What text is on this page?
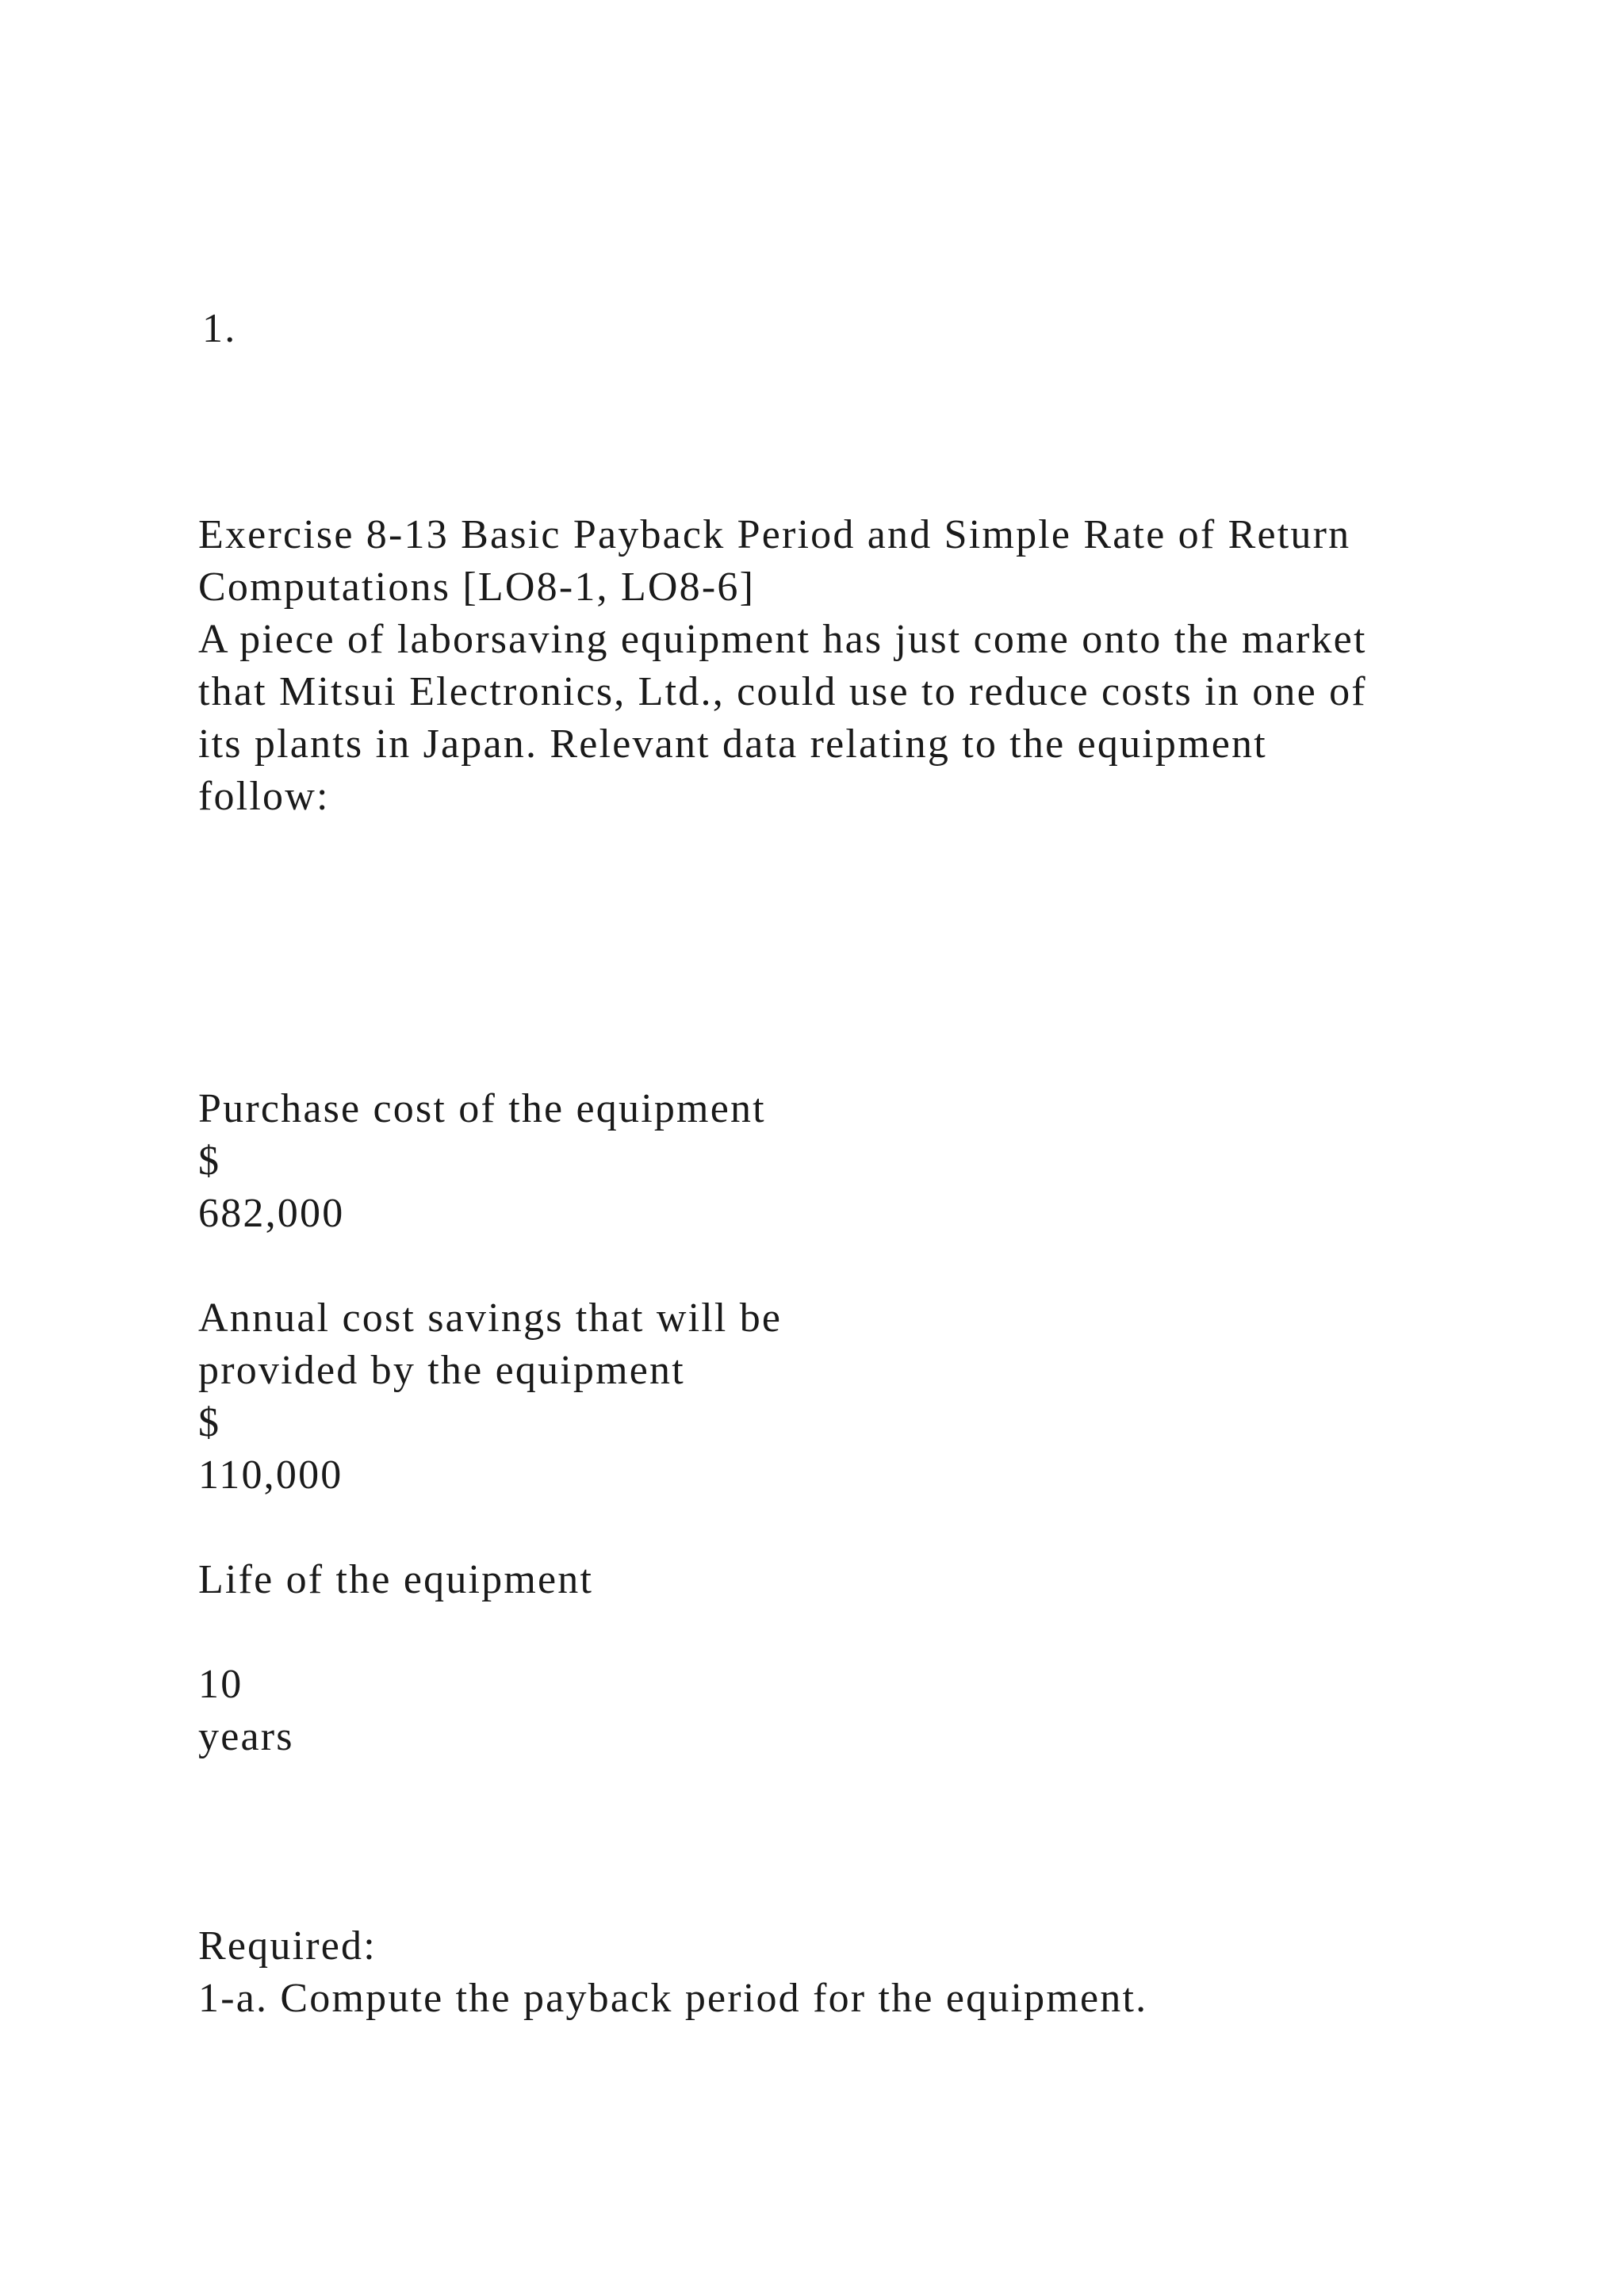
1.
Exercise 8-13 Basic Payback Period and Simple Rate of Return
Computations [LO8-1, LO8-6]
A piece of laborsaving equipment has just come onto the market
that Mitsui Electronics, Ltd., could use to reduce costs in one of
its plants in Japan. Relevant data relating to the equipment
follow:
Purchase cost of the equipment
$
682,000
Annual cost savings that will be
provided by the equipment
$
110,000
Life of the equipment
10
years
Required:
1-a. Compute the payback period for the equipment.
